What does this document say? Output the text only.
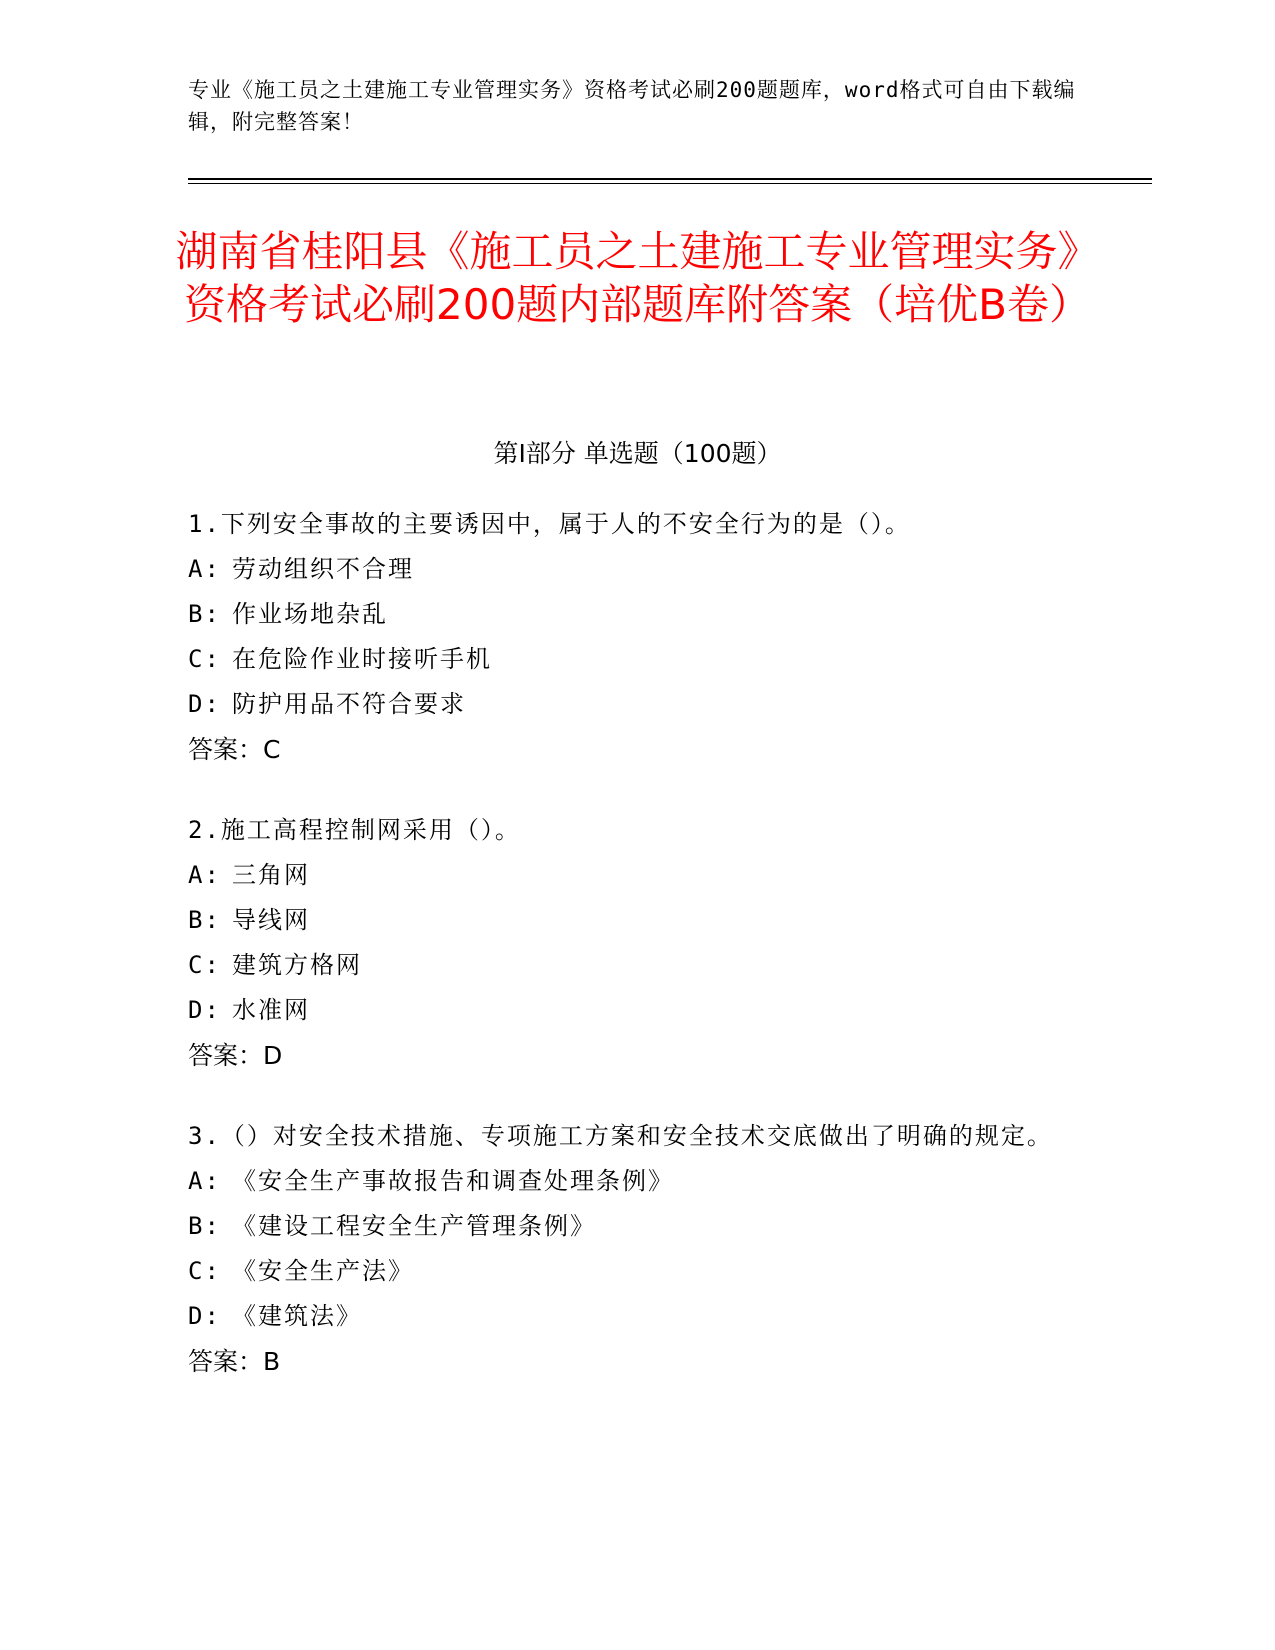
专业《施工员之土建施工专业管理实务》资格考试必刷200题题库，word格式可自由下载编辑，附完整答案！
湖南省桂阳县《施工员之土建施工专业管理实务》资格考试必刷200题内部题库附答案（培优B卷）
第Ⅰ部分 单选题（100题）
1.下列安全事故的主要诱因中，属于人的不安全行为的是（）。
A: 劳动组织不合理
B: 作业场地杂乱
C: 在危险作业时接听手机
D: 防护用品不符合要求
答案：C
2.施工高程控制网采用（）。
A: 三角网
B: 导线网
C: 建筑方格网
D: 水准网
答案：D
3.（）对安全技术措施、专项施工方案和安全技术交底做出了明确的规定。
A: 《安全生产事故报告和调查处理条例》
B: 《建设工程安全生产管理条例》
C: 《安全生产法》
D: 《建筑法》
答案：B
